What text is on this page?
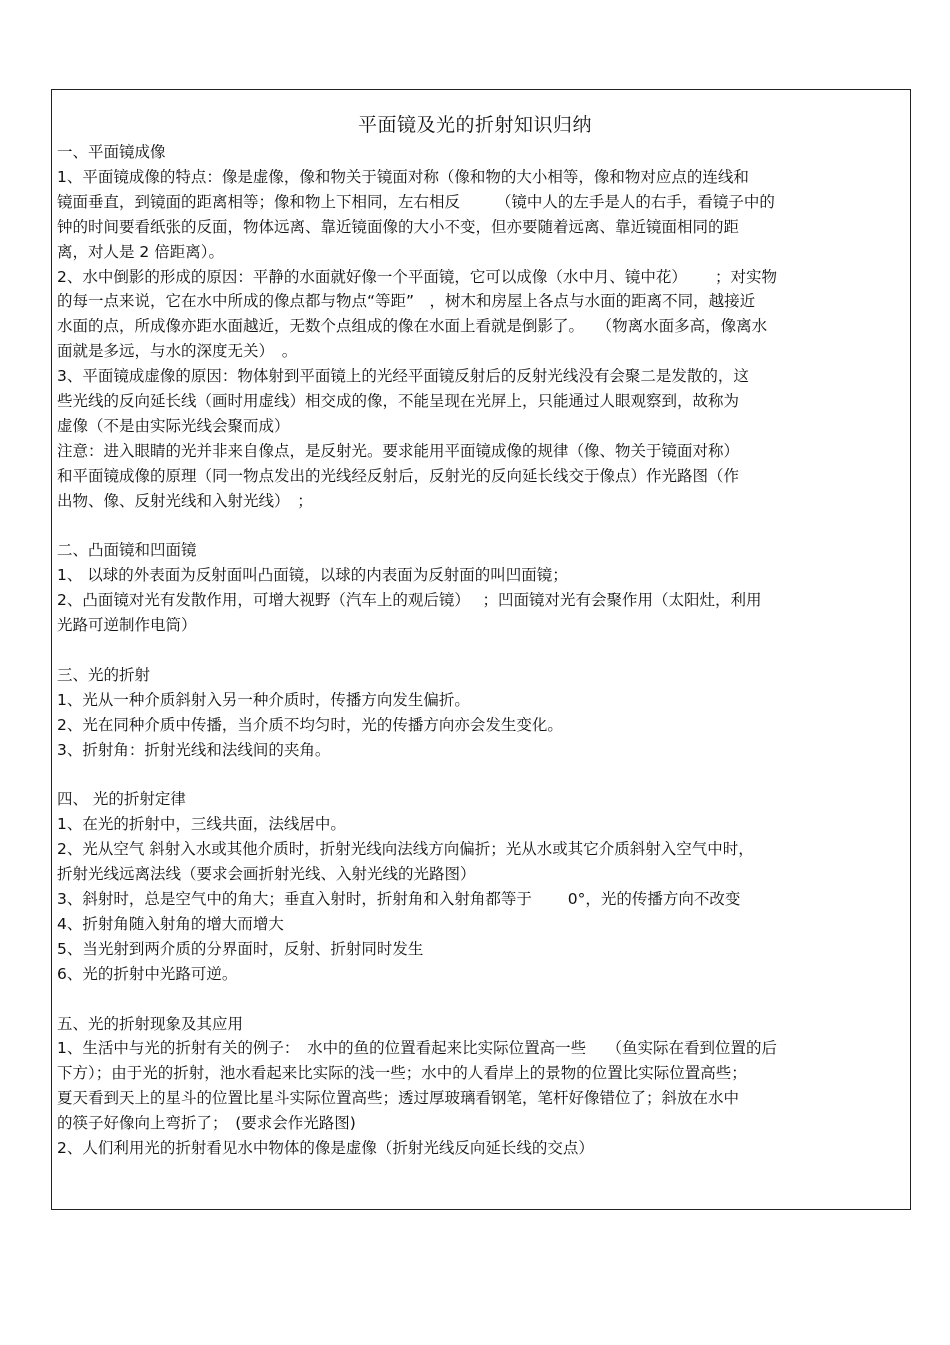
平面镜及光的折射知识归纳
一、平面镜成像
1、平面镜成像的特点：像是虚像，像和物关于镜面对称（像和物的大小相等，像和物对应点的连线和
镜面垂直，到镜面的距离相等；像和物上下相同，左右相反　　 （镜中人的左手是人的右手，看镜子中的
钟的时间要看纸张的反面，物体远离、靠近镜面像的大小不变，但亦要随着远离、靠近镜面相同的距
离，对人是 2 倍距离）。
2、水中倒影的形成的原因：平静的水面就好像一个平面镜，它可以成像（水中月、镜中花）　　 ；对实物
的每一点来说，它在水中所成的像点都与物点“等距”　，树木和房屋上各点与水面的距离不同，越接近
水面的点，所成像亦距水面越近，无数个点组成的像在水面上看就是倒影了。　 （物离水面多高，像离水
面就是多远，与水的深度无关）　。
3、平面镜成虚像的原因：物体射到平面镜上的光经平面镜反射后的反射光线没有会聚二是发散的，这
些光线的反向延长线（画时用虚线）相交成的像，不能呈现在光屏上，只能通过人眼观察到，故称为
虚像（不是由实际光线会聚而成）
注意：进入眼睛的光并非来自像点，是反射光。要求能用平面镜成像的规律（像、物关于镜面对称）
和平面镜成像的原理（同一物点发出的光线经反射后，反射光的反向延长线交于像点）作光路图（作
出物、像、反射光线和入射光线）　；
二、凸面镜和凹面镜
1、 以球的外表面为反射面叫凸面镜，以球的内表面为反射面的叫凹面镜；
2、凸面镜对光有发散作用，可增大视野（汽车上的观后镜）　 ；凹面镜对光有会聚作用（太阳灶，利用
光路可逆制作电筒）
三、光的折射
1、光从一种介质斜射入另一种介质时，传播方向发生偏折。
2、光在同种介质中传播，当介质不均匀时，光的传播方向亦会发生变化。
3、折射角：折射光线和法线间的夹角。
四、 光的折射定律
1、在光的折射中，三线共面，法线居中。
2、光从空气 斜射入水或其他介质时，折射光线向法线方向偏折；光从水或其它介质斜射入空气中时，
折射光线远离法线（要求会画折射光线、入射光线的光路图）
3、斜射时，总是空气中的角大；垂直入射时，折射角和入射角都等于　　 0°，光的传播方向不改变
4、折射角随入射角的增大而增大
5、当光射到两介质的分界面时，反射、折射同时发生
6、光的折射中光路可逆。
五、光的折射现象及其应用
1、生活中与光的折射有关的例子：　水中的鱼的位置看起来比实际位置高一些　 （鱼实际在看到位置的后
下方）；由于光的折射，池水看起来比实际的浅一些；水中的人看岸上的景物的位置比实际位置高些；
夏天看到天上的星斗的位置比星斗实际位置高些；透过厚玻璃看钢笔，笔杆好像错位了；斜放在水中
的筷子好像向上弯折了；　(要求会作光路图)
2、人们利用光的折射看见水中物体的像是虚像（折射光线反向延长线的交点）
